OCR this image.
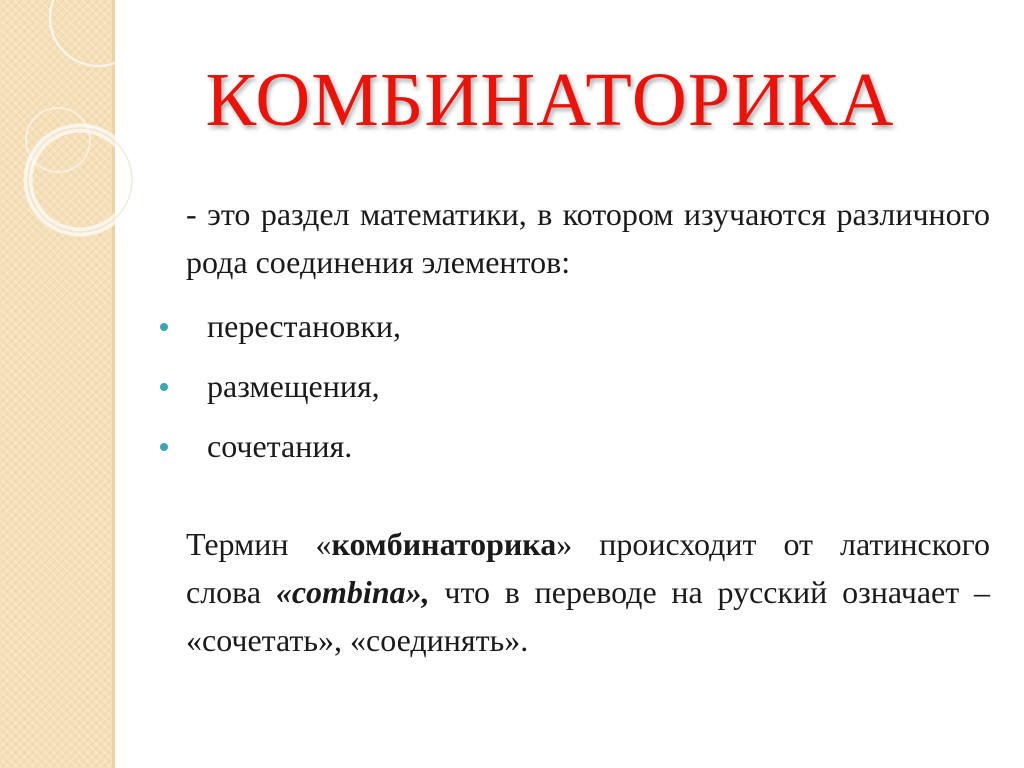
КОМБИНАТОРИКА

- это раздел математики, в котором изучаются различного рода соединения элементов:

перестановки,
размещения,
сочетания.

Термин «комбинаторика» происходит от латинского слова «combina», что в переводе на русский означает – «сочетать», «соединять».
